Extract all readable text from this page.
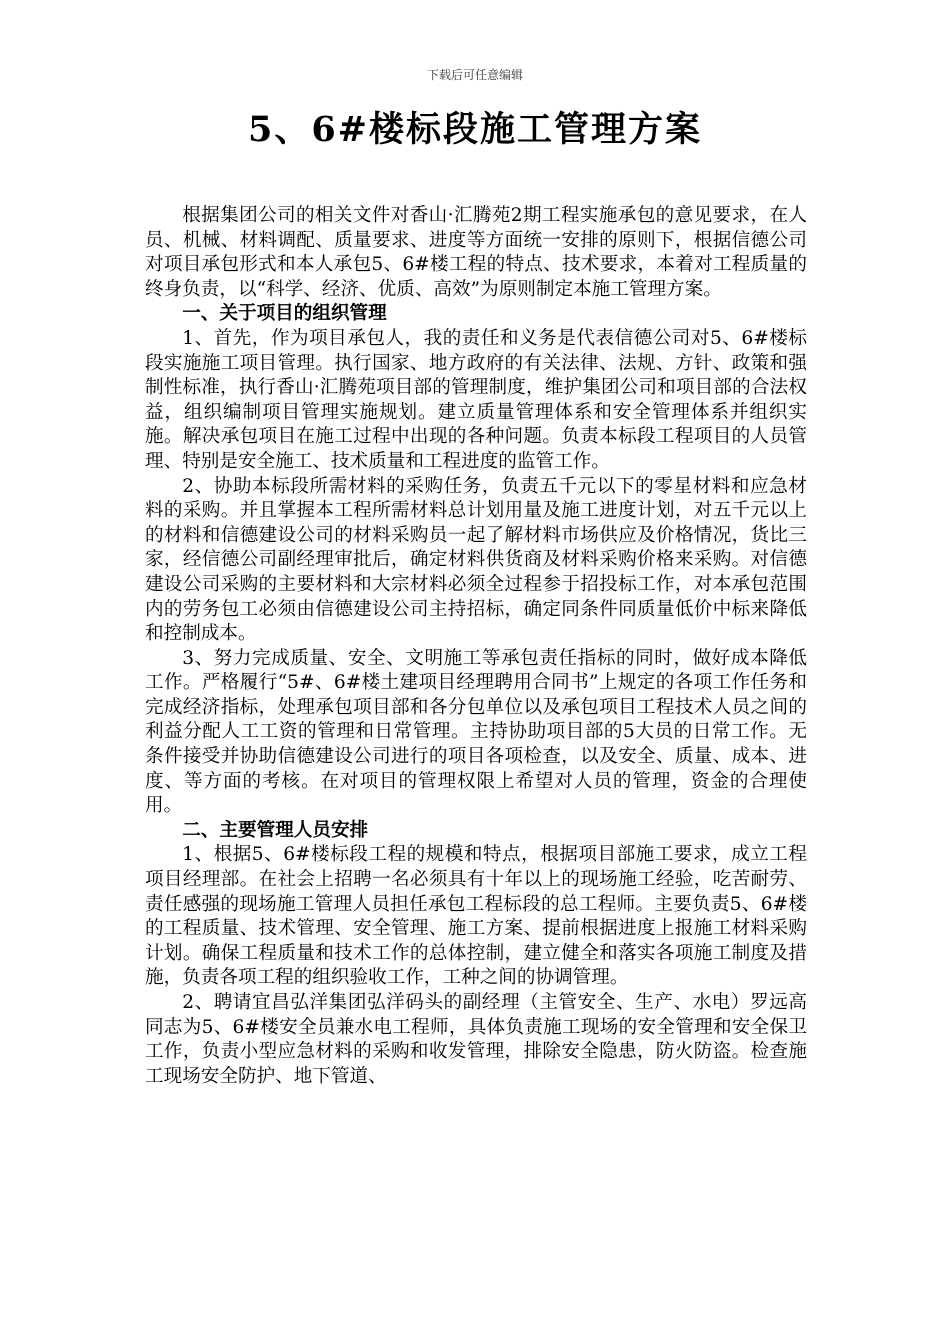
下载后可任意编辑
5、6#楼标段施工管理方案

根据集团公司的相关文件对香山·汇腾苑2期工程实施承包的意见要求，在人员、机械、材料调配、质量要求、进度等方面统一安排的原则下，根据信德公司对项目承包形式和本人承包5、6#楼工程的特点、技术要求，本着对工程质量的终身负责，以“科学、经济、优质、高效”为原则制定本施工管理方案。

一、关于项目的组织管理

1、首先，作为项目承包人，我的责任和义务是代表信德公司对5、6#楼标段实施施工项目管理。执行国家、地方政府的有关法律、法规、方针、政策和强制性标准，执行香山·汇腾苑项目部的管理制度，维护集团公司和项目部的合法权益，组织编制项目管理实施规划。建立质量管理体系和安全管理体系并组织实施。解决承包项目在施工过程中出现的各种问题。负责本标段工程项目的人员管理、特别是安全施工、技术质量和工程进度的监管工作。

2、协助本标段所需材料的采购任务，负责五千元以下的零星材料和应急材料的采购。并且掌握本工程所需材料总计划用量及施工进度计划，对五千元以上的材料和信德建设公司的材料采购员一起了解材料市场供应及价格情况，货比三家，经信德公司副经理审批后，确定材料供货商及材料采购价格来采购。对信德建设公司采购的主要材料和大宗材料必须全过程参于招投标工作，对本承包范围内的劳务包工必须由信德建设公司主持招标，确定同条件同质量低价中标来降低和控制成本。

3、努力完成质量、安全、文明施工等承包责任指标的同时，做好成本降低工作。严格履行“5#、6#楼土建项目经理聘用合同书”上规定的各项工作任务和完成经济指标，处理承包项目部和各分包单位以及承包项目工程技术人员之间的利益分配人工工资的管理和日常管理。主持协助项目部的5大员的日常工作。无条件接受并协助信德建设公司进行的项目各项检查，以及安全、质量、成本、进度、等方面的考核。在对项目的管理权限上希望对人员的管理，资金的合理使用。

二、主要管理人员安排

1、根据5、6#楼标段工程的规模和特点，根据项目部施工要求，成立工程项目经理部。在社会上招聘一名必须具有十年以上的现场施工经验，吃苦耐劳、责任感强的现场施工管理人员担任承包工程标段的总工程师。主要负责5、6#楼的工程质量、技术管理、安全管理、施工方案、提前根据进度上报施工材料采购计划。确保工程质量和技术工作的总体控制，建立健全和落实各项施工制度及措施，负责各项工程的组织验收工作，工种之间的协调管理。

2、聘请宜昌弘洋集团弘洋码头的副经理（主管安全、生产、水电）罗远高同志为5、6#楼安全员兼水电工程师，具体负责施工现场的安全管理和安全保卫工作，负责小型应急材料的采购和收发管理，排除安全隐患，防火防盗。检查施工现场安全防护、地下管道、
